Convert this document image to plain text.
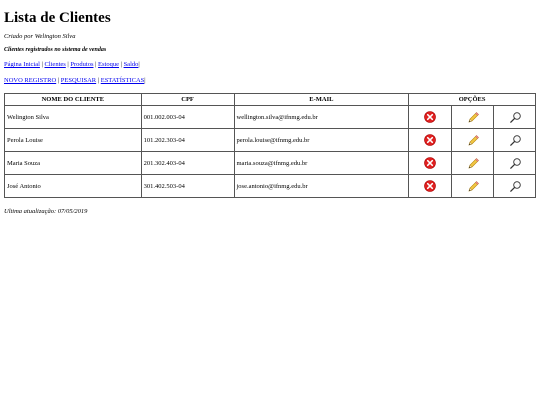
Lista de Clientes
Criado por Welington Silva
Clientes registrados no sistema de vendas
Página Inicial | Clientes | Produtos | Estoque | Saldo|
NOVO REGISTRO | PESQUISAR | ESTATÍSTICAS|
NOME DO CLIENTE	CPF	E-MAIL	OPÇÕES		
Welington Silva	001.002.003-04	wellington.silva@ifnmg.edu.br			
Perola Louise	101.202.303-04	perola.louise@ifnmg.edu.br			
Maria Souza	201.302.403-04	maria.souza@ifnmg.edu.br			
José Antonio	301.402.503-04	jose.antonio@ifnmg.edu.br			
Ultima atualização: 07/05/2019
